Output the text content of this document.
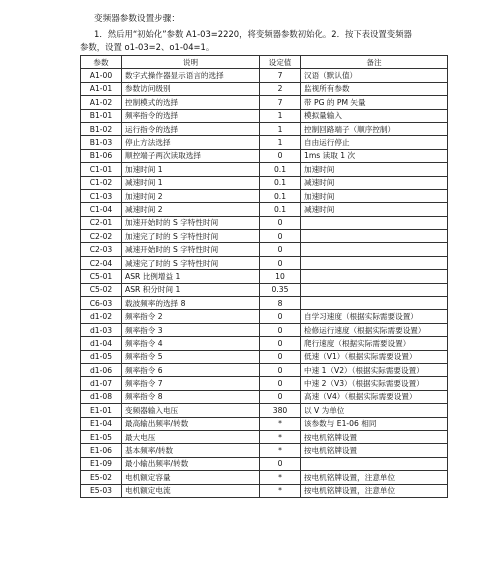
变频器参数设置步骤：
1．然后用“初始化”参数 A1-03=2220，将变频器参数初始化。2．按下表设置变频器
参数，设置 o1-03=2、o1-04=1。
参数	说明	设定值	备注
A1-00	数字式操作器显示语言的选择	7	汉语（默认值）
A1-01	参数访问级别	2	监视所有参数
A1-02	控制模式的选择	7	带 PG 的 PM 矢量
B1-01	频率指令的选择	1	模拟量输入
B1-02	运行指令的选择	1	控制回路端子（顺序控制）
B1-03	停止方法选择	1	自由运行停止
B1-06	顺控端子两次读取选择	0	1ms 读取 1 次
C1-01	加速时间 1	0.1	加速时间
C1-02	减速时间 1	0.1	减速时间
C1-03	加速时间 2	0.1	加速时间
C1-04	减速时间 2	0.1	减速时间
C2-01	加速开始时的 S 字特性时间	0	
C2-02	加速完了时的 S 字特性时间	0	
C2-03	减速开始时的 S 字特性时间	0	
C2-04	减速完了时的 S 字特性时间	0	
C5-01	ASR 比例增益 1	10	
C5-02	ASR 积分时间 1	0.35	
C6-03	载波频率的选择 8	8	
d1-02	频率指令 2	0	自学习速度（根据实际需要设置）
d1-03	频率指令 3	0	检修运行速度（根据实际需要设置）
d1-04	频率指令 4	0	爬行速度（根据实际需要设置）
d1-05	频率指令 5	0	低速（V1）（根据实际需要设置）
d1-06	频率指令 6	0	中速 1（V2）（根据实际需要设置）
d1-07	频率指令 7	0	中速 2（V3）（根据实际需要设置）
d1-08	频率指令 8	0	高速（V4）（根据实际需要设置）
E1-01	变频器输入电压	380	以 V 为单位
E1-04	最高输出频率/转数	*	该参数与 E1-06 相同
E1-05	最大电压	*	按电机铭牌设置
E1-06	基本频率/转数	*	按电机铭牌设置
E1-09	最小输出频率/转数	0	
E5-02	电机额定容量	*	按电机铭牌设置，注意单位
E5-03	电机额定电流	*	按电机铭牌设置，注意单位
